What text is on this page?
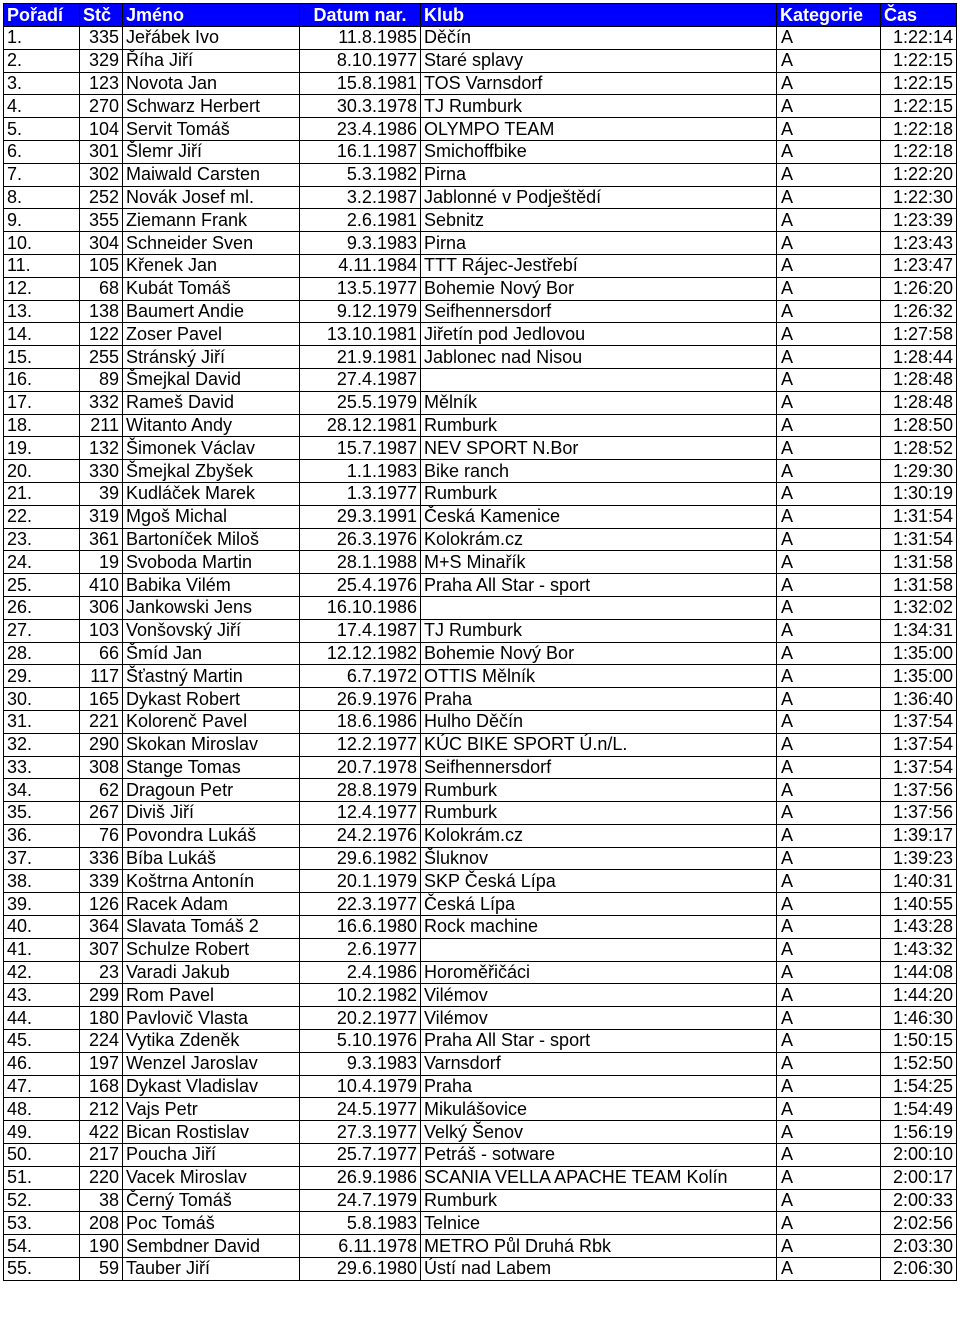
Pořadí	Stč	Jméno	Datum nar.	Klub	Kategorie	Čas
1.	335	Jeřábek Ivo	11.8.1985	Děčín	A	1:22:14
2.	329	Říha Jiří	8.10.1977	Staré splavy	A	1:22:15
3.	123	Novota Jan	15.8.1981	TOS Varnsdorf	A	1:22:15
4.	270	Schwarz Herbert	30.3.1978	TJ Rumburk	A	1:22:15
5.	104	Servit Tomáš	23.4.1986	OLYMPO TEAM	A	1:22:18
6.	301	Šlemr Jiří	16.1.1987	Smichoffbike	A	1:22:18
7.	302	Maiwald Carsten	5.3.1982	Pirna	A	1:22:20
8.	252	Novák Josef ml.	3.2.1987	Jablonné v Podještědí	A	1:22:30
9.	355	Ziemann Frank	2.6.1981	Sebnitz	A	1:23:39
10.	304	Schneider Sven	9.3.1983	Pirna	A	1:23:43
11.	105	Křenek Jan	4.11.1984	TTT Rájec-Jestřebí	A	1:23:47
12.	68	Kubát Tomáš	13.5.1977	Bohemie Nový Bor	A	1:26:20
13.	138	Baumert Andie	9.12.1979	Seifhennersdorf	A	1:26:32
14.	122	Zoser Pavel	13.10.1981	Jiřetín pod Jedlovou	A	1:27:58
15.	255	Stránský Jiří	21.9.1981	Jablonec nad Nisou	A	1:28:44
16.	89	Šmejkal David	27.4.1987		A	1:28:48
17.	332	Rameš David	25.5.1979	Mělník	A	1:28:48
18.	211	Witanto Andy	28.12.1981	Rumburk	A	1:28:50
19.	132	Šimonek Václav	15.7.1987	NEV SPORT N.Bor	A	1:28:52
20.	330	Šmejkal Zbyšek	1.1.1983	Bike ranch	A	1:29:30
21.	39	Kudláček Marek	1.3.1977	Rumburk	A	1:30:19
22.	319	Mgoš Michal	29.3.1991	Česká Kamenice	A	1:31:54
23.	361	Bartoníček Miloš	26.3.1976	Kolokrám.cz	A	1:31:54
24.	19	Svoboda Martin	28.1.1988	M+S Minařík	A	1:31:58
25.	410	Babika Vilém	25.4.1976	Praha All Star - sport	A	1:31:58
26.	306	Jankowski Jens	16.10.1986		A	1:32:02
27.	103	Vonšovský Jiří	17.4.1987	TJ Rumburk	A	1:34:31
28.	66	Šmíd Jan	12.12.1982	Bohemie Nový Bor	A	1:35:00
29.	117	Šťastný Martin	6.7.1972	OTTIS Mělník	A	1:35:00
30.	165	Dykast Robert	26.9.1976	Praha	A	1:36:40
31.	221	Kolorenč Pavel	18.6.1986	Hulho Děčín	A	1:37:54
32.	290	Skokan Miroslav	12.2.1977	KÚC BIKE SPORT Ú.n/L.	A	1:37:54
33.	308	Stange Tomas	20.7.1978	Seifhennersdorf	A	1:37:54
34.	62	Dragoun Petr	28.8.1979	Rumburk	A	1:37:56
35.	267	Diviš Jiří	12.4.1977	Rumburk	A	1:37:56
36.	76	Povondra Lukáš	24.2.1976	Kolokrám.cz	A	1:39:17
37.	336	Bíba Lukáš	29.6.1982	Šluknov	A	1:39:23
38.	339	Koštrna Antonín	20.1.1979	SKP Česká Lípa	A	1:40:31
39.	126	Racek Adam	22.3.1977	Česká Lípa	A	1:40:55
40.	364	Slavata Tomáš 2	16.6.1980	Rock machine	A	1:43:28
41.	307	Schulze Robert	2.6.1977		A	1:43:32
42.	23	Varadi Jakub	2.4.1986	Horoměřičáci	A	1:44:08
43.	299	Rom Pavel	10.2.1982	Vilémov	A	1:44:20
44.	180	Pavlovič Vlasta	20.2.1977	Vilémov	A	1:46:30
45.	224	Vytika Zdeněk	5.10.1976	Praha All Star - sport	A	1:50:15
46.	197	Wenzel Jaroslav	9.3.1983	Varnsdorf	A	1:52:50
47.	168	Dykast Vladislav	10.4.1979	Praha	A	1:54:25
48.	212	Vajs Petr	24.5.1977	Mikulášovice	A	1:54:49
49.	422	Bican Rostislav	27.3.1977	Velký Šenov	A	1:56:19
50.	217	Poucha Jiří	25.7.1977	Petráš - sotware	A	2:00:10
51.	220	Vacek Miroslav	26.9.1986	SCANIA VELLA APACHE TEAM Kolín	A	2:00:17
52.	38	Černý Tomáš	24.7.1979	Rumburk	A	2:00:33
53.	208	Poc Tomáš	5.8.1983	Telnice	A	2:02:56
54.	190	Sembdner David	6.11.1978	METRO Půl Druhá Rbk	A	2:03:30
55.	59	Tauber Jiří	29.6.1980	Ústí nad Labem	A	2:06:30
